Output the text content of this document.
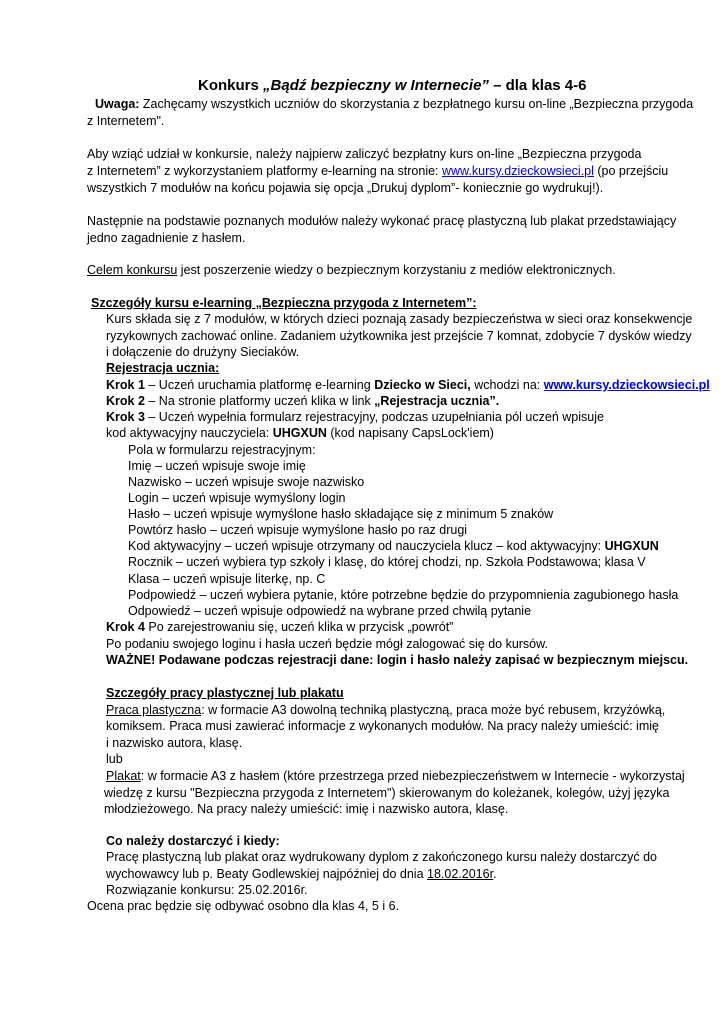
Konkurs „Bądź bezpieczny w Internecie” – dla klas 4-6
Uwaga: Zachęcamy wszystkich uczniów do skorzystania z bezpłatnego kursu on-line „Bezpieczna przygoda
z Internetem".
Aby wziąć udział w konkursie, należy najpierw zaliczyć bezpłatny kurs on-line „Bezpieczna przygoda
z Internetem” z wykorzystaniem platformy e-learning na stronie: www.kursy.dzieckowsieci.pl (po przejściu
wszystkich 7 modułów na końcu pojawia się opcja „Drukuj dyplom”- koniecznie go wydrukuj!).
Następnie na podstawie poznanych modułów należy wykonać pracę plastyczną lub plakat przedstawiający
jedno zagadnienie z hasłem.
Celem konkursu jest poszerzenie wiedzy o bezpiecznym korzystaniu z mediów elektronicznych.
Szczegóły kursu e-learning „Bezpieczna przygoda z Internetem”:
Kurs składa się z 7 modułów, w których dzieci poznają zasady bezpieczeństwa w sieci oraz konsekwencje
ryzykownych zachować online. Zadaniem użytkownika jest przejście 7 komnat, zdobycie 7 dysków wiedzy
i dołączenie do drużyny Sieciaków.
Rejestracja ucznia:
Krok 1 – Uczeń uruchamia platformę e-learning Dziecko w Sieci, wchodzi na: www.kursy.dzieckowsieci.pl
Krok 2 – Na stronie platformy uczeń klika w link „Rejestracja ucznia”.
Krok 3 – Uczeń wypełnia formularz rejestracyjny, podczas uzupełniania pól uczeń wpisuje
kod aktywacyjny nauczyciela: UHGXUN (kod napisany CapsLock'iem)
Pola w formularzu rejestracyjnym:
Imię – uczeń wpisuje swoje imię
Nazwisko – uczeń wpisuje swoje nazwisko
Login – uczeń wpisuje wymyślony login
Hasło – uczeń wpisuje wymyślone hasło składające się z minimum 5 znaków
Powtórz hasło – uczeń wpisuje wymyślone hasło po raz drugi
Kod aktywacyjny – uczeń wpisuje otrzymany od nauczyciela klucz – kod aktywacyjny: UHGXUN
Rocznik – uczeń wybiera typ szkoły i klasę, do której chodzi, np. Szkoła Podstawowa; klasa V
Klasa – uczeń wpisuje literkę, np. C
Podpowiedź – uczeń wybiera pytanie, które potrzebne będzie do przypomnienia zagubionego hasła
Odpowiedź – uczeń wpisuje odpowiedź na wybrane przed chwilą pytanie
Krok 4 Po zarejestrowaniu się, uczeń klika w przycisk „powrót”
Po podaniu swojego loginu i hasła uczeń będzie mógł zalogować się do kursów.
WAŻNE! Podawane podczas rejestracji dane: login i hasło należy zapisać w bezpiecznym miejscu.
Szczegóły pracy plastycznej lub plakatu
Praca plastyczna: w formacie A3 dowolną techniką plastyczną, praca może być rebusem, krzyżówką,
komiksem. Praca musi zawierać informacje z wykonanych modułów. Na pracy należy umieścić: imię
i nazwisko autora, klasę.
lub
Plakat: w formacie A3 z hasłem (które przestrzega przed niebezpieczeństwem w Internecie - wykorzystaj
wiedzę z kursu "Bezpieczna przygoda z Internetem") skierowanym do koleżanek, kolegów, użyj języka
młodzieżowego. Na pracy należy umieścić: imię i nazwisko autora, klasę.
Co należy dostarczyć i kiedy:
Pracę plastyczną lub plakat oraz wydrukowany dyplom z zakończonego kursu należy dostarczyć do
wychowawcy lub p. Beaty Godlewskiej najpóźniej do dnia 18.02.2016r.
Rozwiązanie konkursu: 25.02.2016r.
Ocena prac będzie się odbywać osobno dla klas 4, 5 i 6.
